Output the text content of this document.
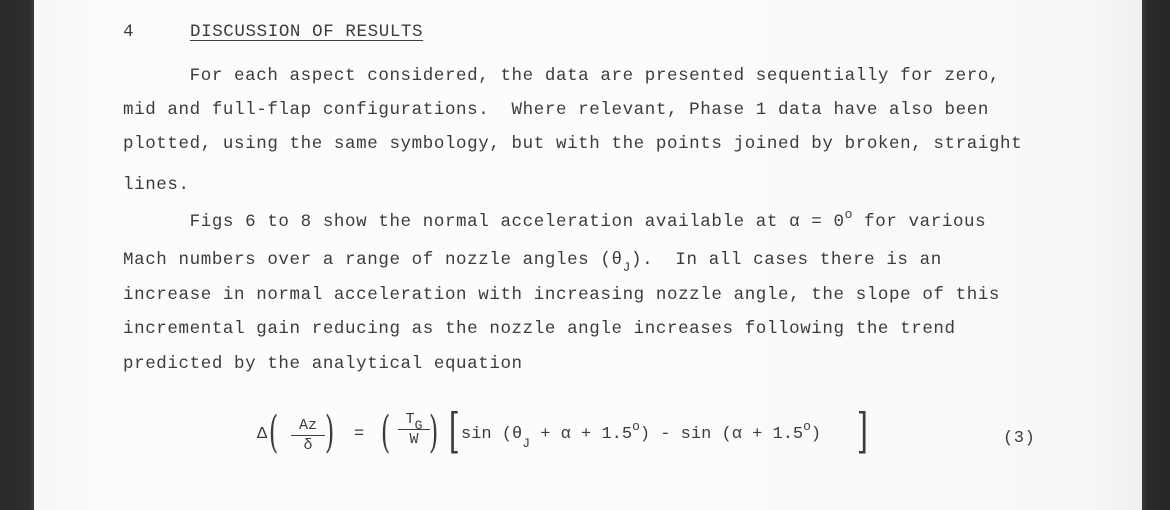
4	DISCUSSION OF RESULTS
For each aspect considered, the data are presented sequentially for zero,
mid and full-flap configurations.  Where relevant, Phase 1 data have also been
plotted, using the same symbology, but with the points joined by broken, straight
lines.
Figs 6 to 8 show the normal acceleration available at $\alpha = 0^o$ for various
Mach numbers over a range of nozzle angles $(\theta_J)$.  In all cases there is an
increase in normal acceleration with increasing nozzle angle, the slope of this
incremental gain reducing as the nozzle angle increases following the trend
predicted by the analytical equation
Δ ( $\frac{Az}{\delta}$ ) = ( $\frac{TG}{W}$
) [ $\sin (\theta_J + \alpha + 1.5^o) - \sin (\alpha + 1.5^o)$ ]	(3)
